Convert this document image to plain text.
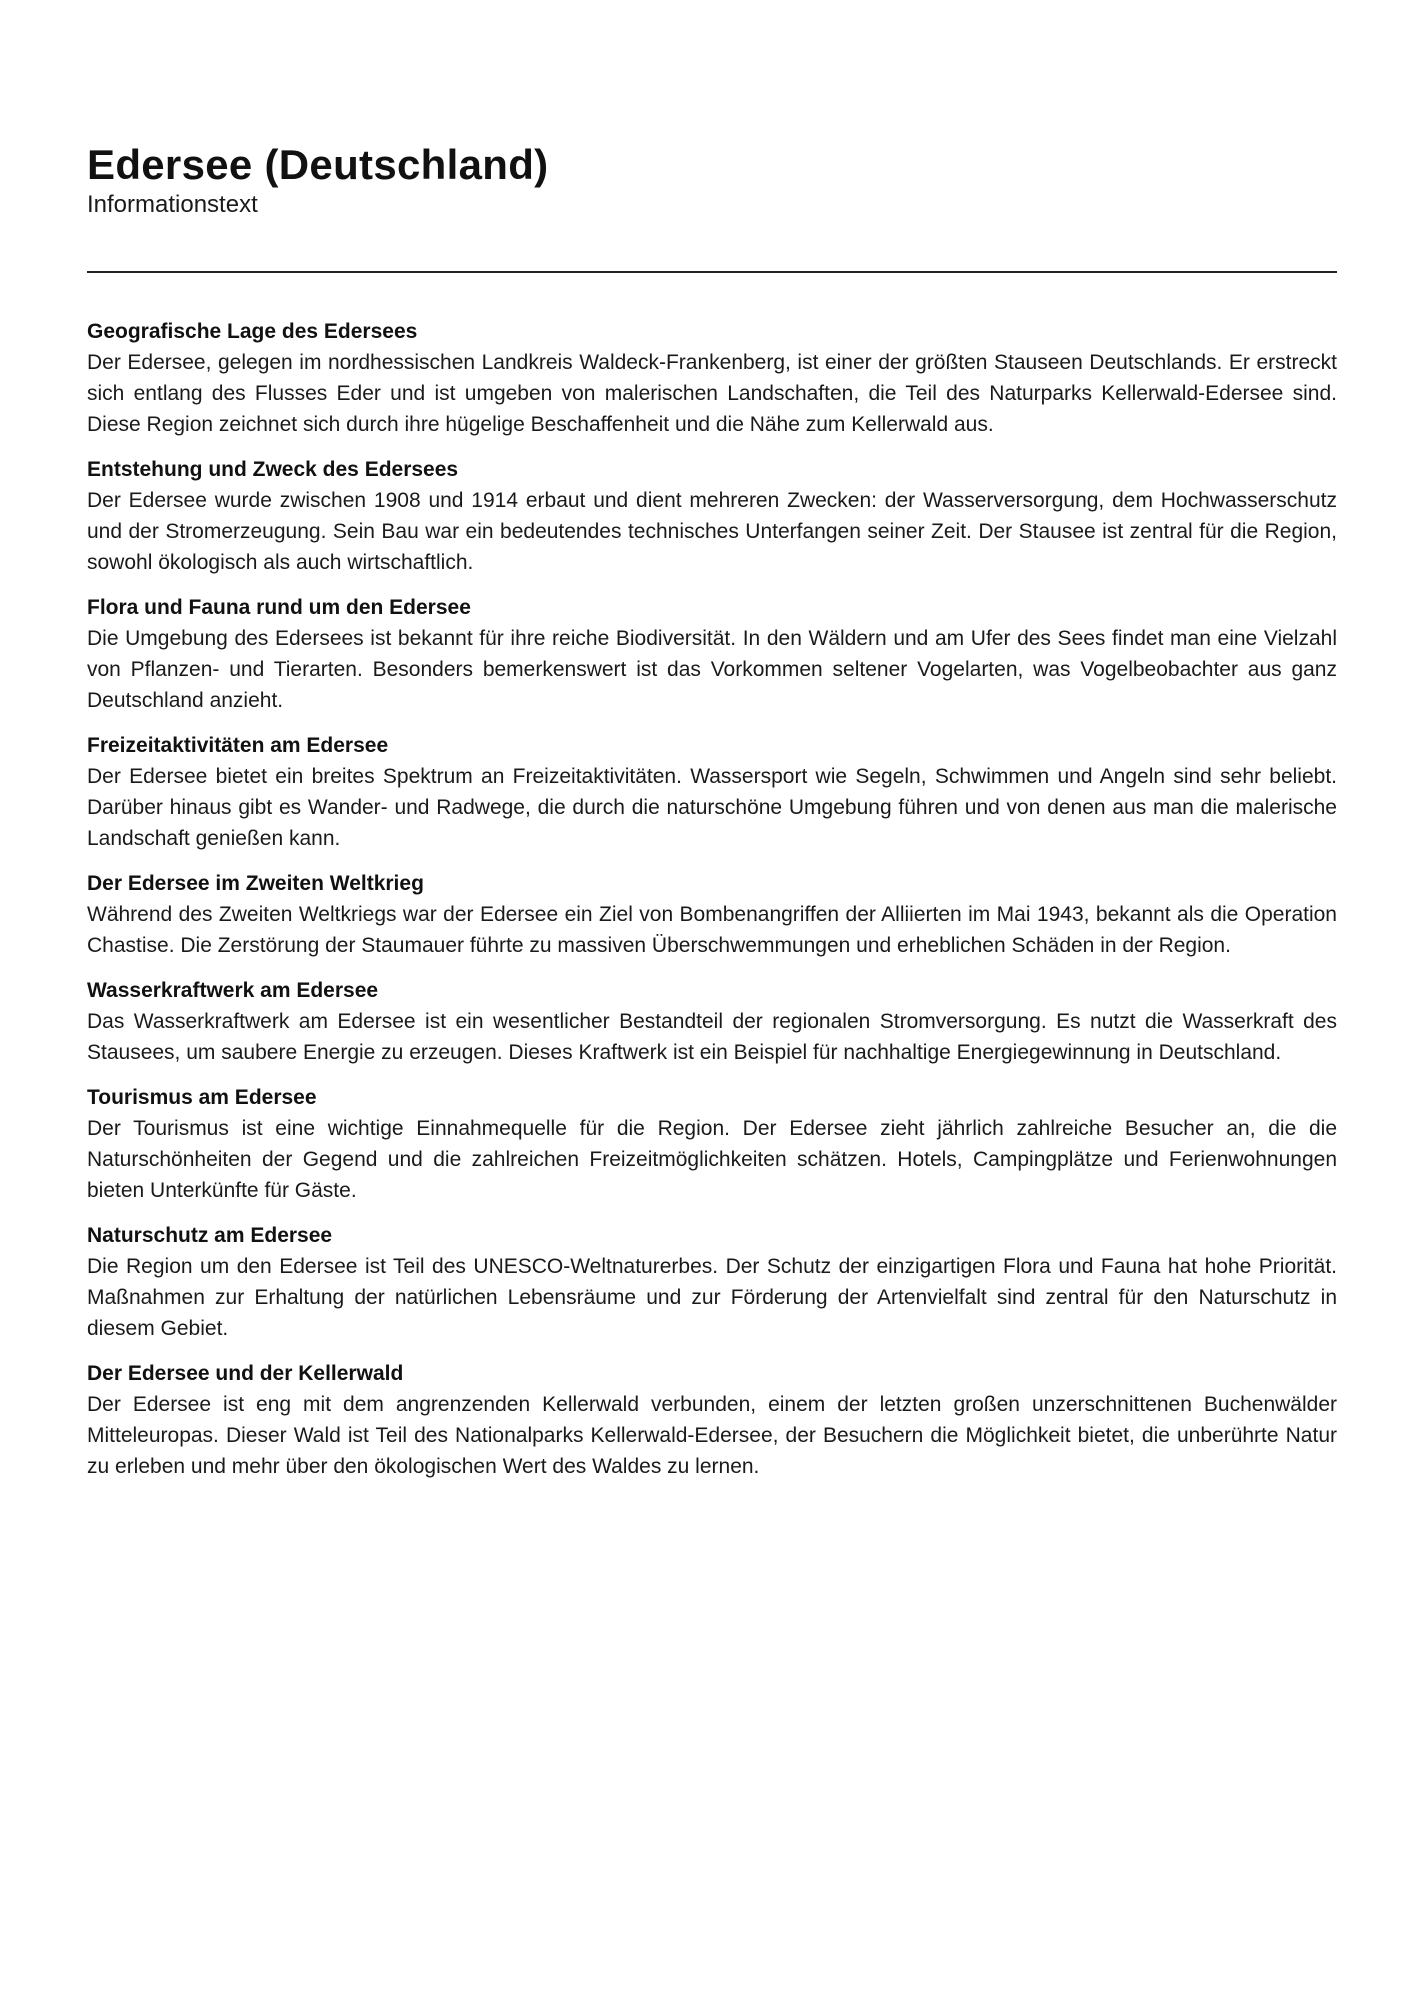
Edersee (Deutschland)
Informationstext
Geografische Lage des Edersees

Der Edersee, gelegen im nordhessischen Landkreis Waldeck-Frankenberg, ist einer der größten Stauseen Deutschlands. Er erstreckt sich entlang des Flusses Eder und ist umgeben von malerischen Landschaften, die Teil des Naturparks Kellerwald-Edersee sind. Diese Region zeichnet sich durch ihre hügelige Beschaffenheit und die Nähe zum Kellerwald aus.

Entstehung und Zweck des Edersees

Der Edersee wurde zwischen 1908 und 1914 erbaut und dient mehreren Zwecken: der Wasserversorgung, dem Hochwasserschutz und der Stromerzeugung. Sein Bau war ein bedeutendes technisches Unterfangen seiner Zeit. Der Stausee ist zentral für die Region, sowohl ökologisch als auch wirtschaftlich.

Flora und Fauna rund um den Edersee

Die Umgebung des Edersees ist bekannt für ihre reiche Biodiversität. In den Wäldern und am Ufer des Sees findet man eine Vielzahl von Pflanzen- und Tierarten. Besonders bemerkenswert ist das Vorkommen seltener Vogelarten, was Vogelbeobachter aus ganz Deutschland anzieht.

Freizeitaktivitäten am Edersee

Der Edersee bietet ein breites Spektrum an Freizeitaktivitäten. Wassersport wie Segeln, Schwimmen und Angeln sind sehr beliebt. Darüber hinaus gibt es Wander- und Radwege, die durch die naturschöne Umgebung führen und von denen aus man die malerische Landschaft genießen kann.

Der Edersee im Zweiten Weltkrieg

Während des Zweiten Weltkriegs war der Edersee ein Ziel von Bombenangriffen der Alliierten im Mai 1943, bekannt als die Operation Chastise. Die Zerstörung der Staumauer führte zu massiven Überschwemmungen und erheblichen Schäden in der Region.

Wasserkraftwerk am Edersee

Das Wasserkraftwerk am Edersee ist ein wesentlicher Bestandteil der regionalen Stromversorgung. Es nutzt die Wasserkraft des Stausees, um saubere Energie zu erzeugen. Dieses Kraftwerk ist ein Beispiel für nachhaltige Energiegewinnung in Deutschland.

Tourismus am Edersee

Der Tourismus ist eine wichtige Einnahmequelle für die Region. Der Edersee zieht jährlich zahlreiche Besucher an, die die Naturschönheiten der Gegend und die zahlreichen Freizeitmöglichkeiten schätzen. Hotels, Campingplätze und Ferienwohnungen bieten Unterkünfte für Gäste.

Naturschutz am Edersee

Die Region um den Edersee ist Teil des UNESCO-Weltnaturerbes. Der Schutz der einzigartigen Flora und Fauna hat hohe Priorität. Maßnahmen zur Erhaltung der natürlichen Lebensräume und zur Förderung der Artenvielfalt sind zentral für den Naturschutz in diesem Gebiet.

Der Edersee und der Kellerwald

Der Edersee ist eng mit dem angrenzenden Kellerwald verbunden, einem der letzten großen unzerschnittenen Buchenwälder Mitteleuropas. Dieser Wald ist Teil des Nationalparks Kellerwald-Edersee, der Besuchern die Möglichkeit bietet, die unberührte Natur zu erleben und mehr über den ökologischen Wert des Waldes zu lernen.
